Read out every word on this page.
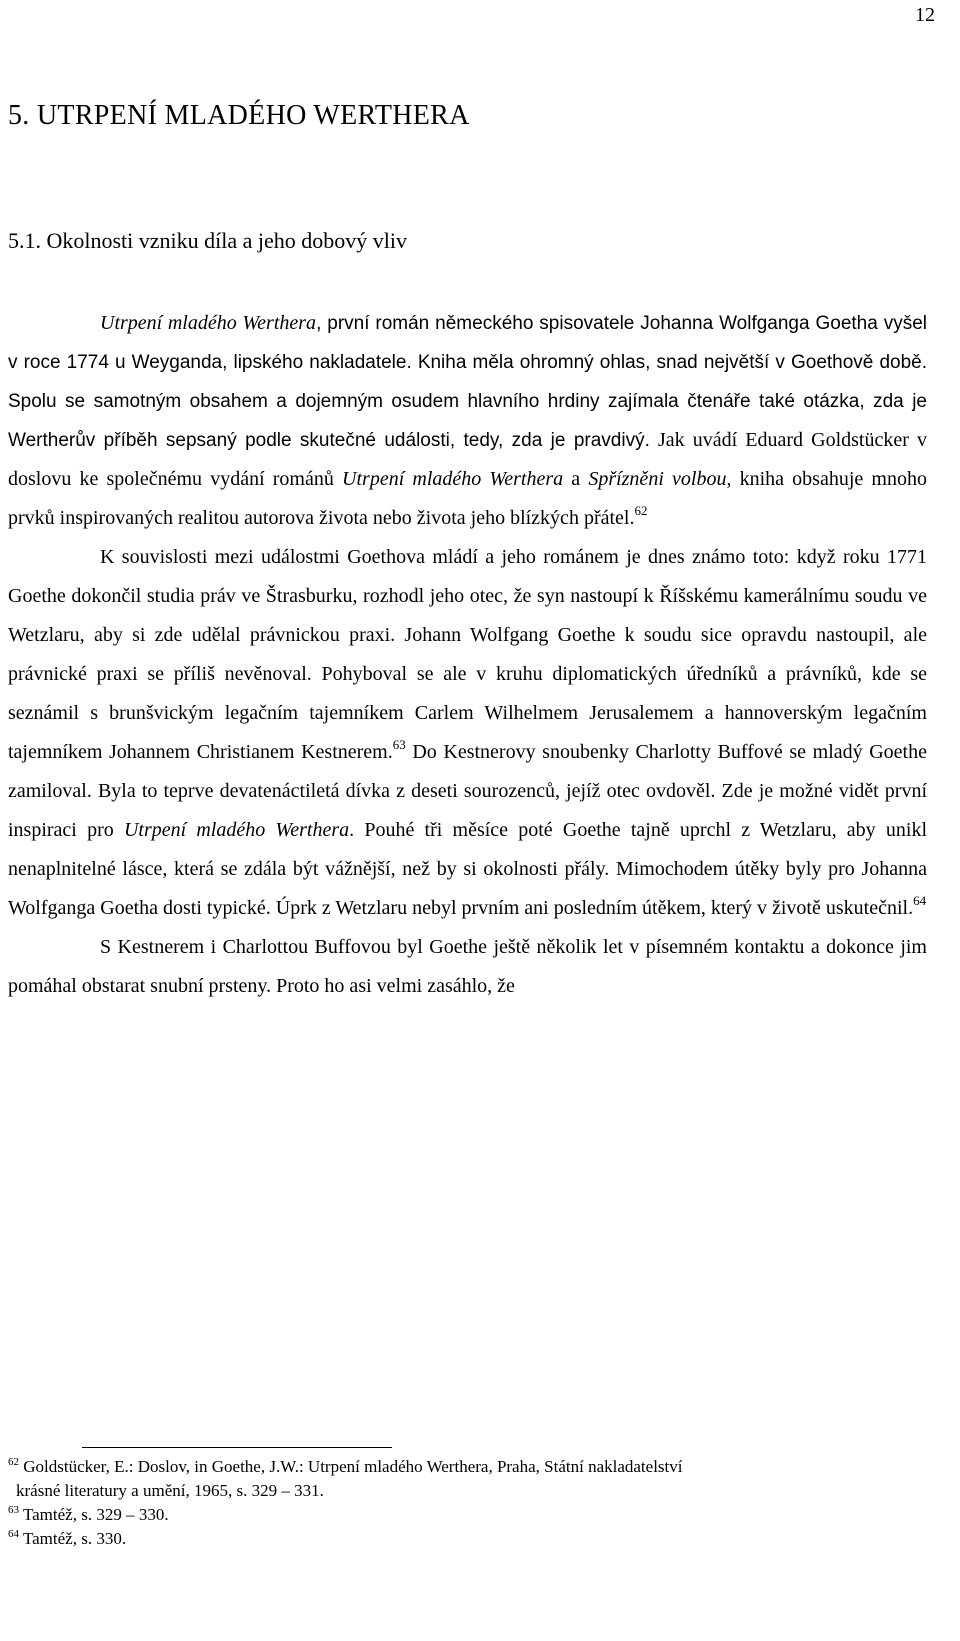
12
5. UTRPENÍ MLADÉHO WERTHERA
5.1. Okolnosti vzniku díla a jeho dobový vliv

Utrpení mladého Werthera, první román německého spisovatele Johanna Wolfganga Goetha vyšel v roce 1774 u Weyganda, lipského nakladatele. Kniha měla ohromný ohlas, snad největší v Goethově době. Spolu se samotným obsahem a dojemným osudem hlavního hrdiny zajímala čtenáře také otázka, zda je Wertherův příběh sepsaný podle skutečné události, tedy, zda je pravdivý. Jak uvádí Eduard Goldstücker v doslovu ke společnému vydání románů Utrpení mladého Werthera a Spřízněni volbou, kniha obsahuje mnoho prvků inspirovaných realitou autorova života nebo života jeho blízkých přátel.$^{62}$

K souvislosti mezi událostmi Goethova mládí a jeho románem je dnes známo toto: když roku 1771 Goethe dokončil studia práv ve Štrasburku, rozhodl jeho otec, že syn nastoupí k Říšskému kamerálnímu soudu ve Wetzlaru, aby si zde udělal právnickou praxi. Johann Wolfgang Goethe k soudu sice opravdu nastoupil, ale právnické praxi se příliš nevěnoval. Pohyboval se ale v kruhu diplomatických úředníků a právníků, kde se seznámil s brunšvickým legačním tajemníkem Carlem Wilhelmem Jerusalemem a hannoverským legačním tajemníkem Johannem Christianem Kestnerem.$^{63}$ Do Kestnerovy snoubenky Charlotty Buffové se mladý Goethe zamiloval. Byla to teprve devatenáctiletá dívka z deseti sourozenců, jejíž otec ovdověl. Zde je možné vidět první inspiraci pro Utrpení mladého Werthera. Pouhé tři měsíce poté Goethe tajně uprchl z Wetzlaru, aby unikl nenaplnitelné lásce, která se zdála být vážnější, než by si okolnosti přály. Mimochodem útěky byly pro Johanna Wolfganga Goetha dosti typické. Úprk z Wetzlaru nebyl prvním ani posledním útěkem, který v životě uskutečnil.$^{64}$

S Kestnerem i Charlottou Buffovou byl Goethe ještě několik let v písemném kontaktu a dokonce jim pomáhal obstarat snubní prsteny. Proto ho asi velmi zasáhlo, že

$^{62}$ Goldstücker, E.: Doslov, in Goethe, J.W.: Utrpení mladého Werthera, Praha, Státní nakladatelství
krásné literatury a umění, 1965, s. 329 – 331.

$^{63}$ Tamtéž, s. 329 – 330.

$^{64}$ Tamtéž, s. 330.
